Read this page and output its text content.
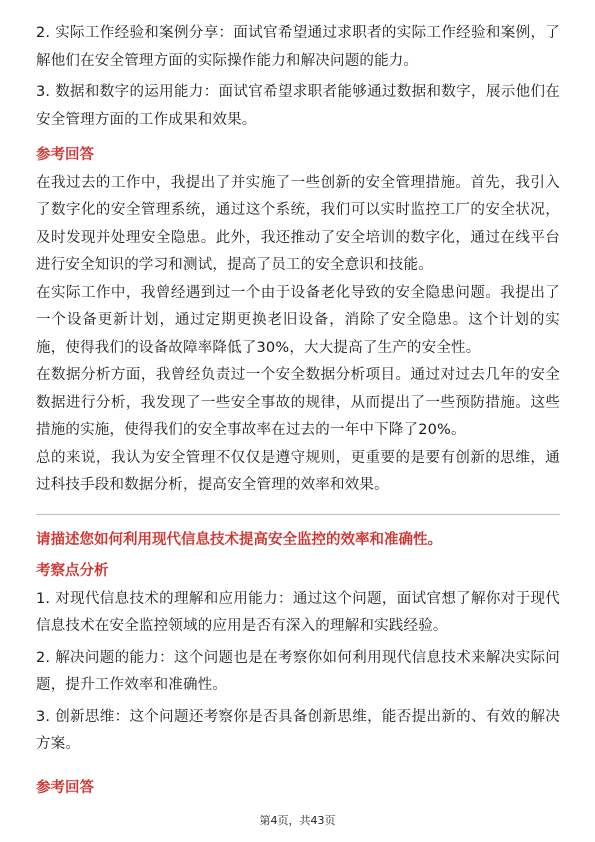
2. 实际工作经验和案例分享：面试官希望通过求职者的实际工作经验和案例，了解他们在安全管理方面的实际操作能力和解决问题的能力。

3. 数据和数字的运用能力：面试官希望求职者能够通过数据和数字，展示他们在安全管理方面的工作成果和效果。

参考回答

在我过去的工作中，我提出了并实施了一些创新的安全管理措施。首先，我引入了数字化的安全管理系统，通过这个系统，我们可以实时监控工厂的安全状况，及时发现并处理安全隐患。此外，我还推动了安全培训的数字化，通过在线平台进行安全知识的学习和测试，提高了员工的安全意识和技能。

在实际工作中，我曾经遇到过一个由于设备老化导致的安全隐患问题。我提出了一个设备更新计划，通过定期更换老旧设备，消除了安全隐患。这个计划的实施，使得我们的设备故障率降低了30%，大大提高了生产的安全性。

在数据分析方面，我曾经负责过一个安全数据分析项目。通过对过去几年的安全数据进行分析，我发现了一些安全事故的规律，从而提出了一些预防措施。这些措施的实施，使得我们的安全事故率在过去的一年中下降了20%。

总的来说，我认为安全管理不仅仅是遵守规则，更重要的是要有创新的思维，通过科技手段和数据分析，提高安全管理的效率和效果。

请描述您如何利用现代信息技术提高安全监控的效率和准确性。

考察点分析

1. 对现代信息技术的理解和应用能力：通过这个问题，面试官想了解你对于现代信息技术在安全监控领域的应用是否有深入的理解和实践经验。

2. 解决问题的能力：这个问题也是在考察你如何利用现代信息技术来解决实际问题，提升工作效率和准确性。

3. 创新思维：这个问题还考察你是否具备创新思维，能否提出新的、有效的解决方案。

参考回答

第4页，共43页
